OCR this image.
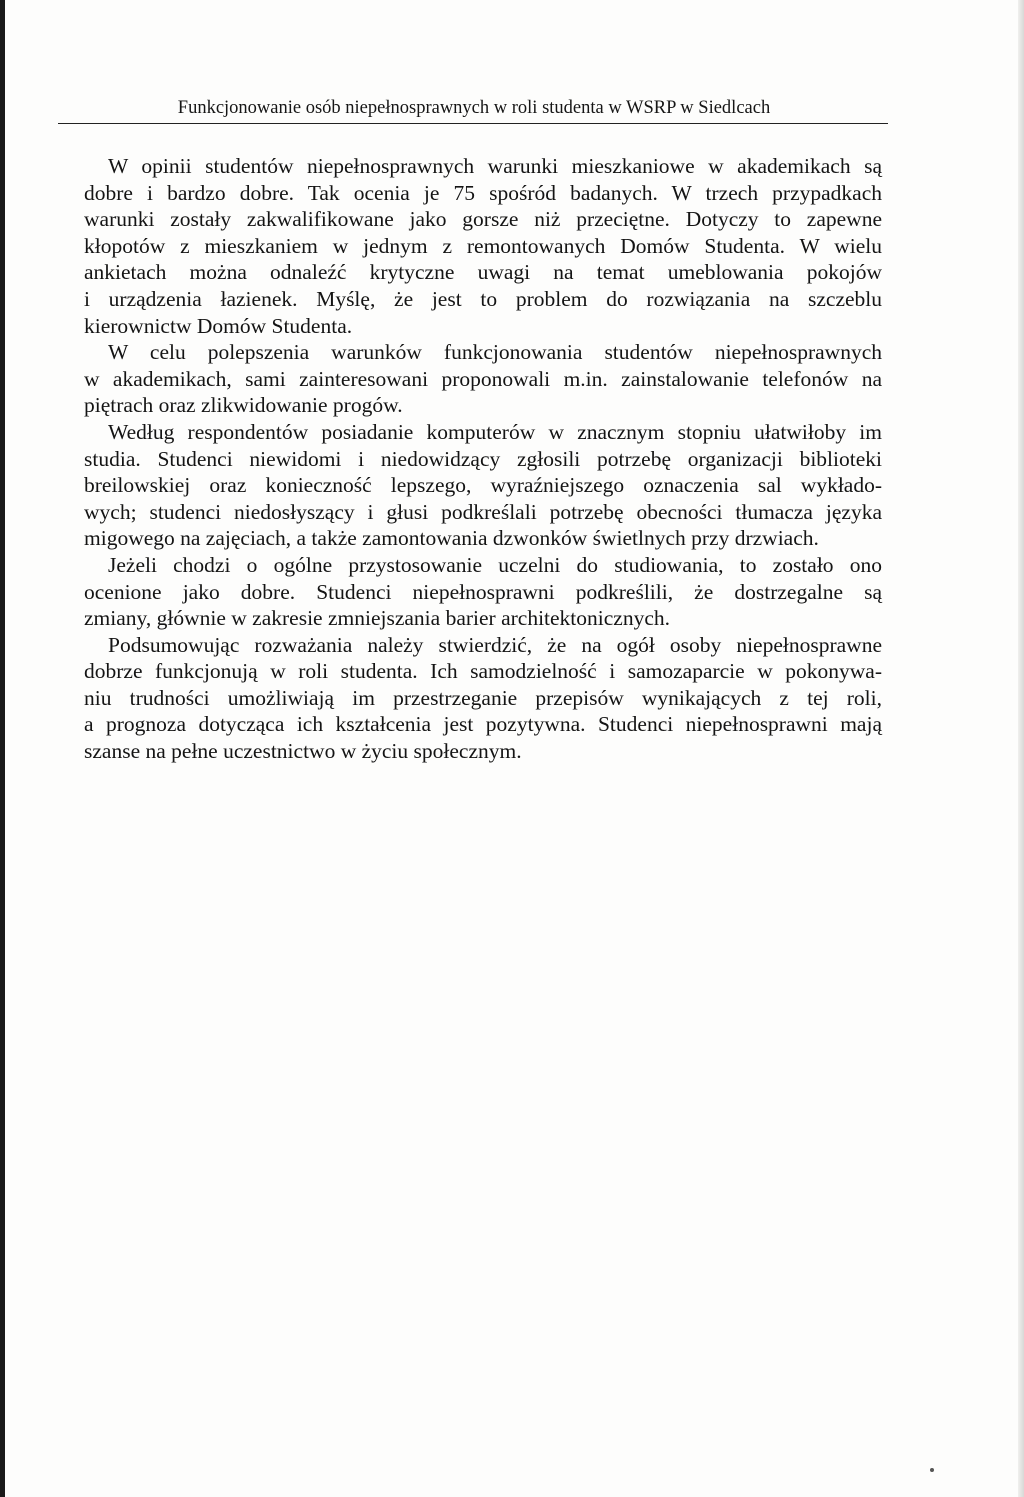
Funkcjonowanie osób niepełnosprawnych w roli studenta w WSRP w Siedlcach

W opinii studentów niepełnosprawnych warunki mieszkaniowe w akademikach są
dobre i bardzo dobre. Tak ocenia je 75 spośród badanych. W trzech przypadkach
warunki zostały zakwalifikowane jako gorsze niż przeciętne. Dotyczy to zapewne
kłopotów z mieszkaniem w jednym z remontowanych Domów Studenta. W wielu
ankietach można odnaleźć krytyczne uwagi na temat umeblowania pokojów
i urządzenia łazienek. Myślę, że jest to problem do rozwiązania na szczeblu
kierownictw Domów Studenta.

W celu polepszenia warunków funkcjonowania studentów niepełnosprawnych
w akademikach, sami zainteresowani proponowali m.in. zainstalowanie telefonów na
piętrach oraz zlikwidowanie progów.

Według respondentów posiadanie komputerów w znacznym stopniu ułatwiłoby im
studia. Studenci niewidomi i niedowidzący zgłosili potrzebę organizacji biblioteki
breilowskiej oraz konieczność lepszego, wyraźniejszego oznaczenia sal wykłado-
wych; studenci niedosłyszący i głusi podkreślali potrzebę obecności tłumacza języka
migowego na zajęciach, a także zamontowania dzwonków świetlnych przy drzwiach.

Jeżeli chodzi o ogólne przystosowanie uczelni do studiowania, to zostało ono
ocenione jako dobre. Studenci niepełnosprawni podkreślili, że dostrzegalne są
zmiany, głównie w zakresie zmniejszania barier architektonicznych.

Podsumowując rozważania należy stwierdzić, że na ogół osoby niepełnosprawne
dobrze funkcjonują w roli studenta. Ich samodzielność i samozaparcie w pokonywa-
niu trudności umożliwiają im przestrzeganie przepisów wynikających z tej roli,
a prognoza dotycząca ich kształcenia jest pozytywna. Studenci niepełnosprawni mają
szanse na pełne uczestnictwo w życiu społecznym.
